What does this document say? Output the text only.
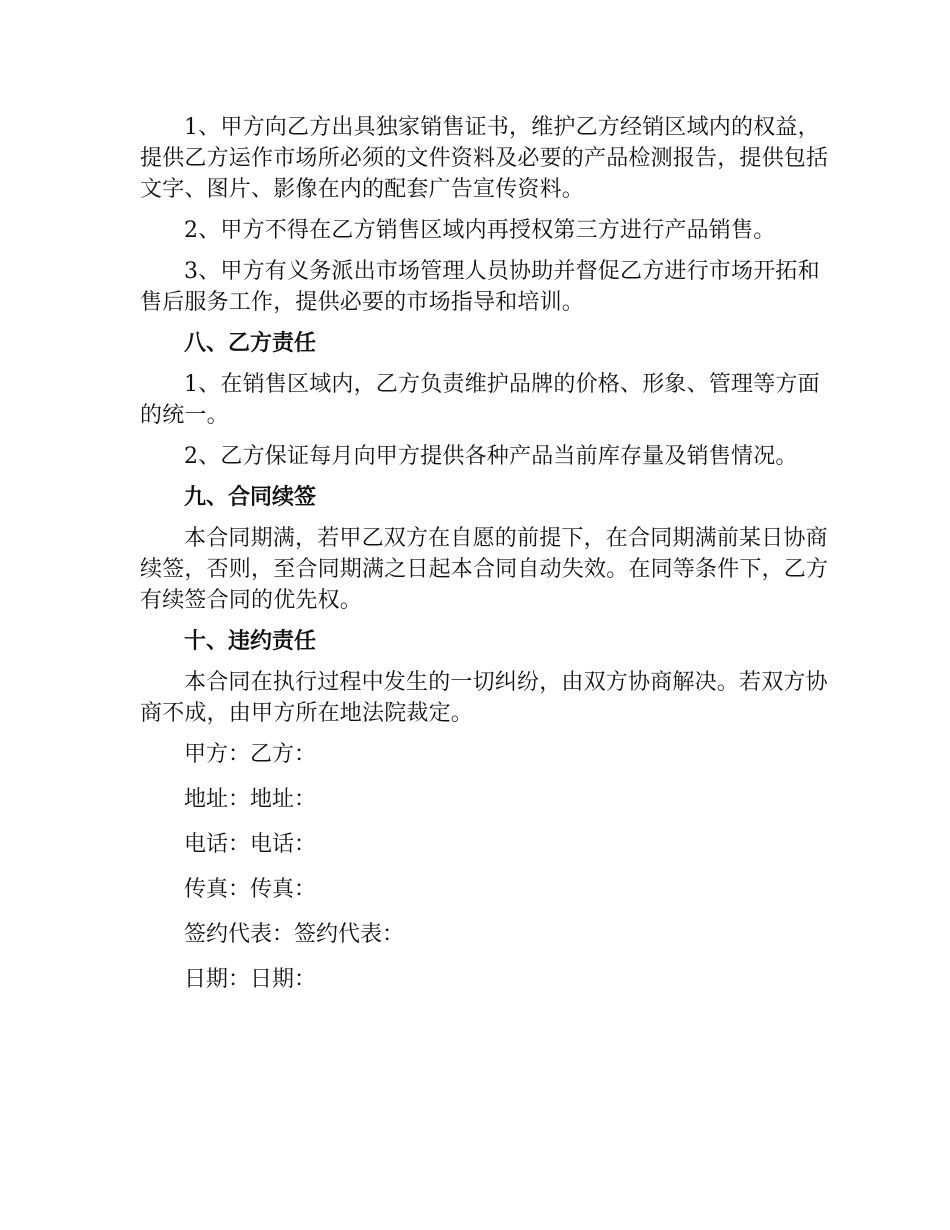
1、甲方向乙方出具独家销售证书，维护乙方经销区域内的权益，提供乙方运作市场所必须的文件资料及必要的产品检测报告，提供包括文字、图片、影像在内的配套广告宣传资料。

2、甲方不得在乙方销售区域内再授权第三方进行产品销售。

3、甲方有义务派出市场管理人员协助并督促乙方进行市场开拓和售后服务工作，提供必要的市场指导和培训。

八、乙方责任

1、在销售区域内，乙方负责维护品牌的价格、形象、管理等方面的统一。

2、乙方保证每月向甲方提供各种产品当前库存量及销售情况。

九、合同续签

本合同期满，若甲乙双方在自愿的前提下，在合同期满前某日协商续签，否则，至合同期满之日起本合同自动失效。在同等条件下，乙方有续签合同的优先权。

十、违约责任

本合同在执行过程中发生的一切纠纷，由双方协商解决。若双方协商不成，由甲方所在地法院裁定。

甲方：乙方：

地址：地址：

电话：电话：

传真：传真：

签约代表：签约代表：

日期：日期：
